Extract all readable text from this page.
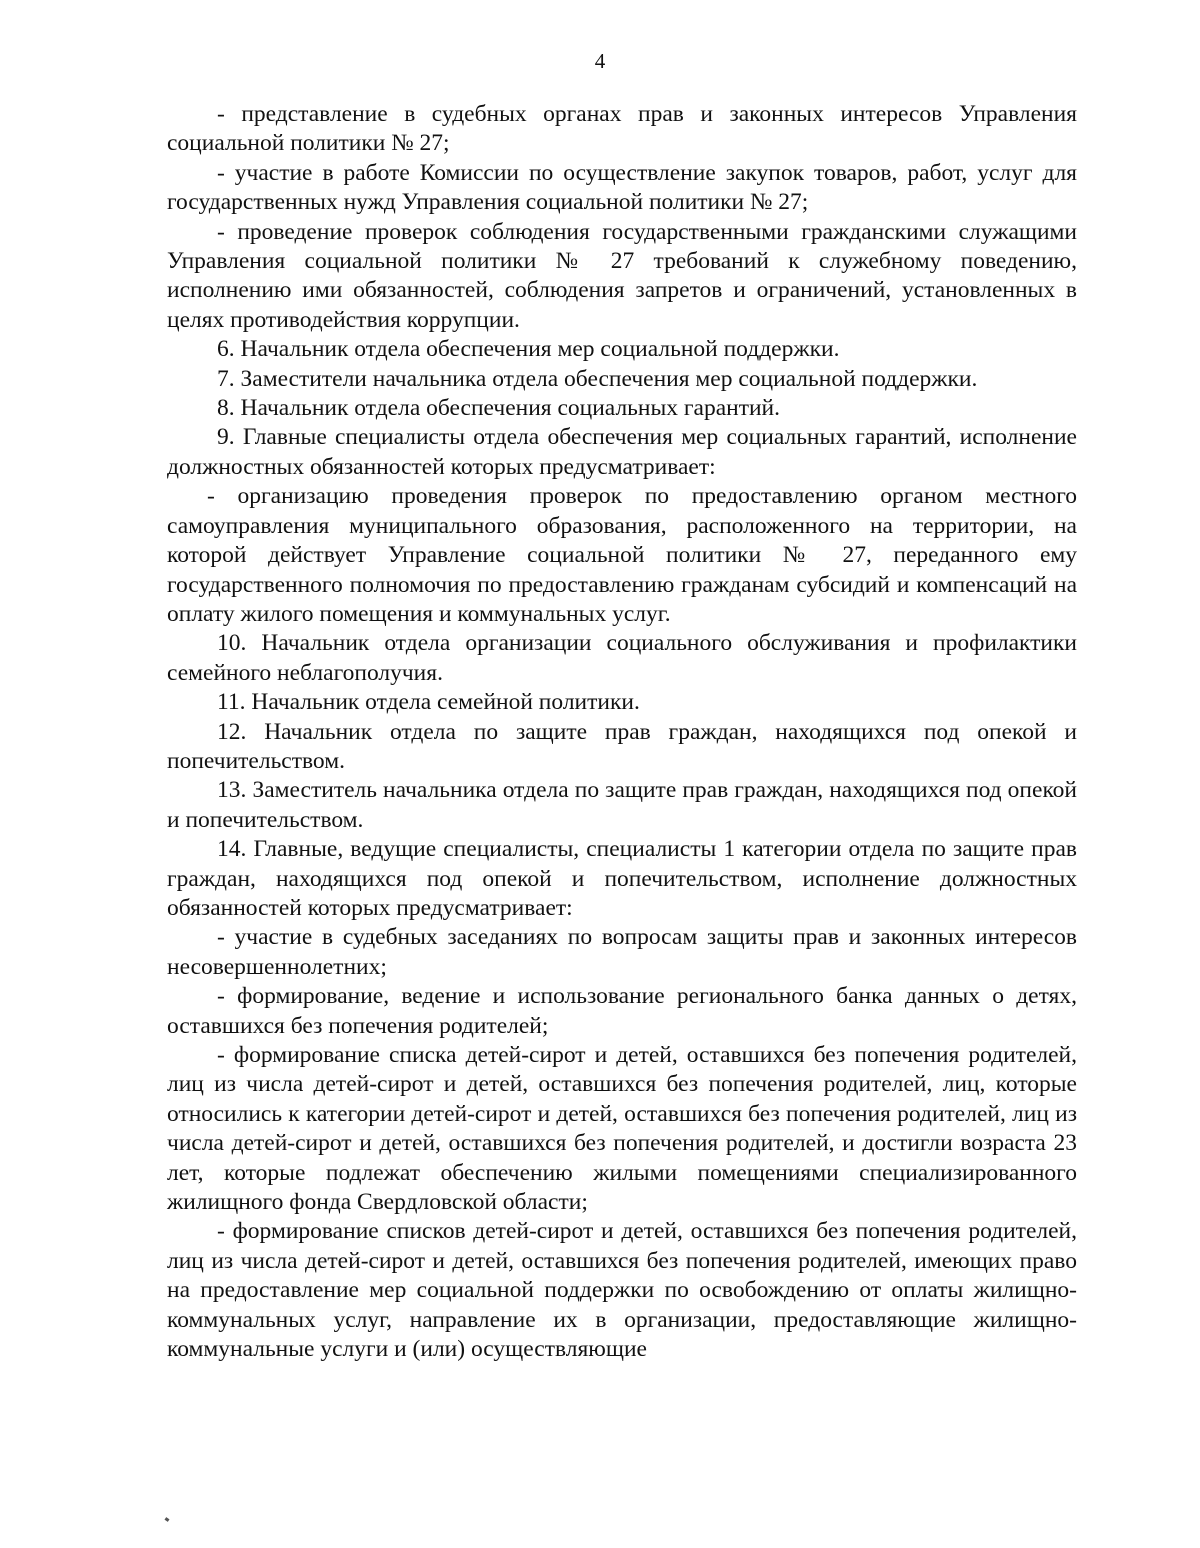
4

- представление в судебных органах прав и законных интересов Управления социальной политики № 27;

- участие в работе Комиссии по осуществление закупок товаров, работ, услуг для государственных нужд Управления социальной политики № 27;

- проведение проверок соблюдения государственными гражданскими служащими Управления социальной политики № 27 требований к служебному поведению, исполнению ими обязанностей, соблюдения запретов и ограничений, установленных в целях противодействия коррупции.

6. Начальник отдела обеспечения мер социальной поддержки.

7. Заместители начальника отдела обеспечения мер социальной поддержки.

8. Начальник отдела обеспечения социальных гарантий.

9. Главные специалисты отдела обеспечения мер социальных гарантий, исполнение должностных обязанностей которых предусматривает:

- организацию проведения проверок по предоставлению органом местного самоуправления муниципального образования, расположенного на территории, на которой действует Управление социальной политики № 27, переданного ему государственного полномочия по предоставлению гражданам субсидий и компенсаций на оплату жилого помещения и коммунальных услуг.

10. Начальник отдела организации социального обслуживания и профилактики семейного неблагополучия.

11. Начальник отдела семейной политики.

12. Начальник отдела по защите прав граждан, находящихся под опекой и попечительством.

13. Заместитель начальника отдела по защите прав граждан, находящихся под опекой и попечительством.

14. Главные, ведущие специалисты, специалисты 1 категории отдела по защите прав граждан, находящихся под опекой и попечительством, исполнение должностных обязанностей которых предусматривает:

- участие в судебных заседаниях по вопросам защиты прав и законных интересов несовершеннолетних;

- формирование, ведение и использование регионального банка данных о детях, оставшихся без попечения родителей;

- формирование списка детей-сирот и детей, оставшихся без попечения родителей, лиц из числа детей-сирот и детей, оставшихся без попечения родителей, лиц, которые относились к категории детей-сирот и детей, оставшихся без попечения родителей, лиц из числа детей-сирот и детей, оставшихся без попечения родителей, и достигли возраста 23 лет, которые подлежат обеспечению жилыми помещениями специализированного жилищного фонда Свердловской области;

- формирование списков детей-сирот и детей, оставшихся без попечения родителей, лиц из числа детей-сирот и детей, оставшихся без попечения родителей, имеющих право на предоставление мер социальной поддержки по освобождению от оплаты жилищно-коммунальных услуг, направление их в организации, предоставляющие жилищно-коммунальные услуги и (или) осуществляющие
